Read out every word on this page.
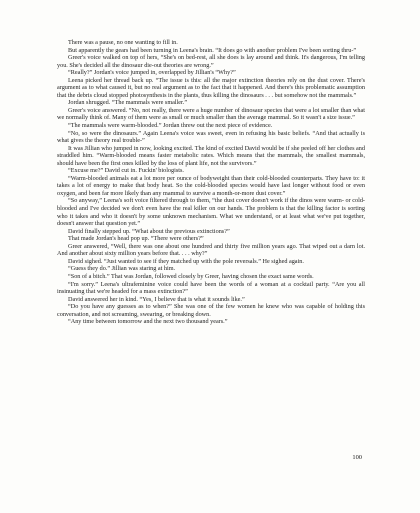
There was a pause, no one wanting to fill in.

But apparently the gears had been turning in Leena's brain. “It does go with another problem I've been sorting thru-”

Greer's voice walked on top of hers, “She's on bed-rest, all she does is lay around and think. It's dangerous, I'm telling you. She's decided all the dinosaur die-out theories are wrong.”

“Really?” Jordan's voice jumped in, overlapped by Jillian's “Why?”

Leena picked her thread back up. “The issue is this: all the major extinction theories rely on the dust cover. There's argument as to what caused it, but no real argument as to the fact that it happened. And there's this problematic assumption that the debris cloud stopped photosynthesis in the plants, thus killing the dinosaurs . . . but somehow not the mammals.”

Jordan shrugged. “The mammals were smaller.”

Greer's voice answered. “No, not really, there were a huge number of dinosaur species that were a lot smaller than what we normally think of. Many of them were as small or much smaller than the average mammal. So it wasn't a size issue.”

“The mammals were warm-blooded.” Jordan threw out the next piece of evidence.

“No, so were the dinosaurs.” Again Leena's voice was sweet, even in refusing his basic beliefs. “And that actually is what gives the theory real trouble-”

It was Jillian who jumped in now, looking excited. The kind of excited David would be if she peeled off her clothes and straddled him. “Warm-blooded means faster metabolic rates. Which means that the mammals, the smallest mammals, should have been the first ones killed by the loss of plant life, not the survivors.”

“Excuse me?” David cut in. Fuckin' biologists.

“Warm-blooded animals eat a lot more per ounce of bodyweight than their cold-blooded counterparts. They have to: it takes a lot of energy to make that body heat. So the cold-blooded species would have last longer without food or even oxygen, and been far more likely than any mammal to survive a month-or-more dust cover.”

“So anyway,” Leena's soft voice filtered through to them, “the dust cover doesn't work if the dinos were warm- or cold-blooded and I've decided we don't even have the real killer on our hands. The problem is that the killing factor is sorting who it takes and who it doesn't by some unknown mechanism. What we understand, or at least what we've put together, doesn't answer that question yet.”

David finally stepped up. “What about the previous extinctions?”

That made Jordan's head pop up. “There were others?”

Greer answered, “Well, there was one about one hundred and thirty five million years ago. That wiped out a darn lot. And another about sixty million years before that. . . . why?”

David sighed. “Just wanted to see if they matched up with the pole reversals.” He sighed again.

“Guess they do.” Jillian was staring at him.

“Son of a bitch.” That was Jordan, followed closely by Greer, having chosen the exact same words.

“I'm sorry.” Leena's ultrafeminine voice could have been the words of a woman at a cocktail party. “Are you all insinuating that we're headed for a mass extinction?”

David answered her in kind. “Yes, I believe that is what it sounds like.”

“Do you have any guesses as to when?” She was one of the few women he knew who was capable of holding this conversation, and not screaming, swearing, or breaking down.

“Any time between tomorrow and the next two thousand years.”

100
